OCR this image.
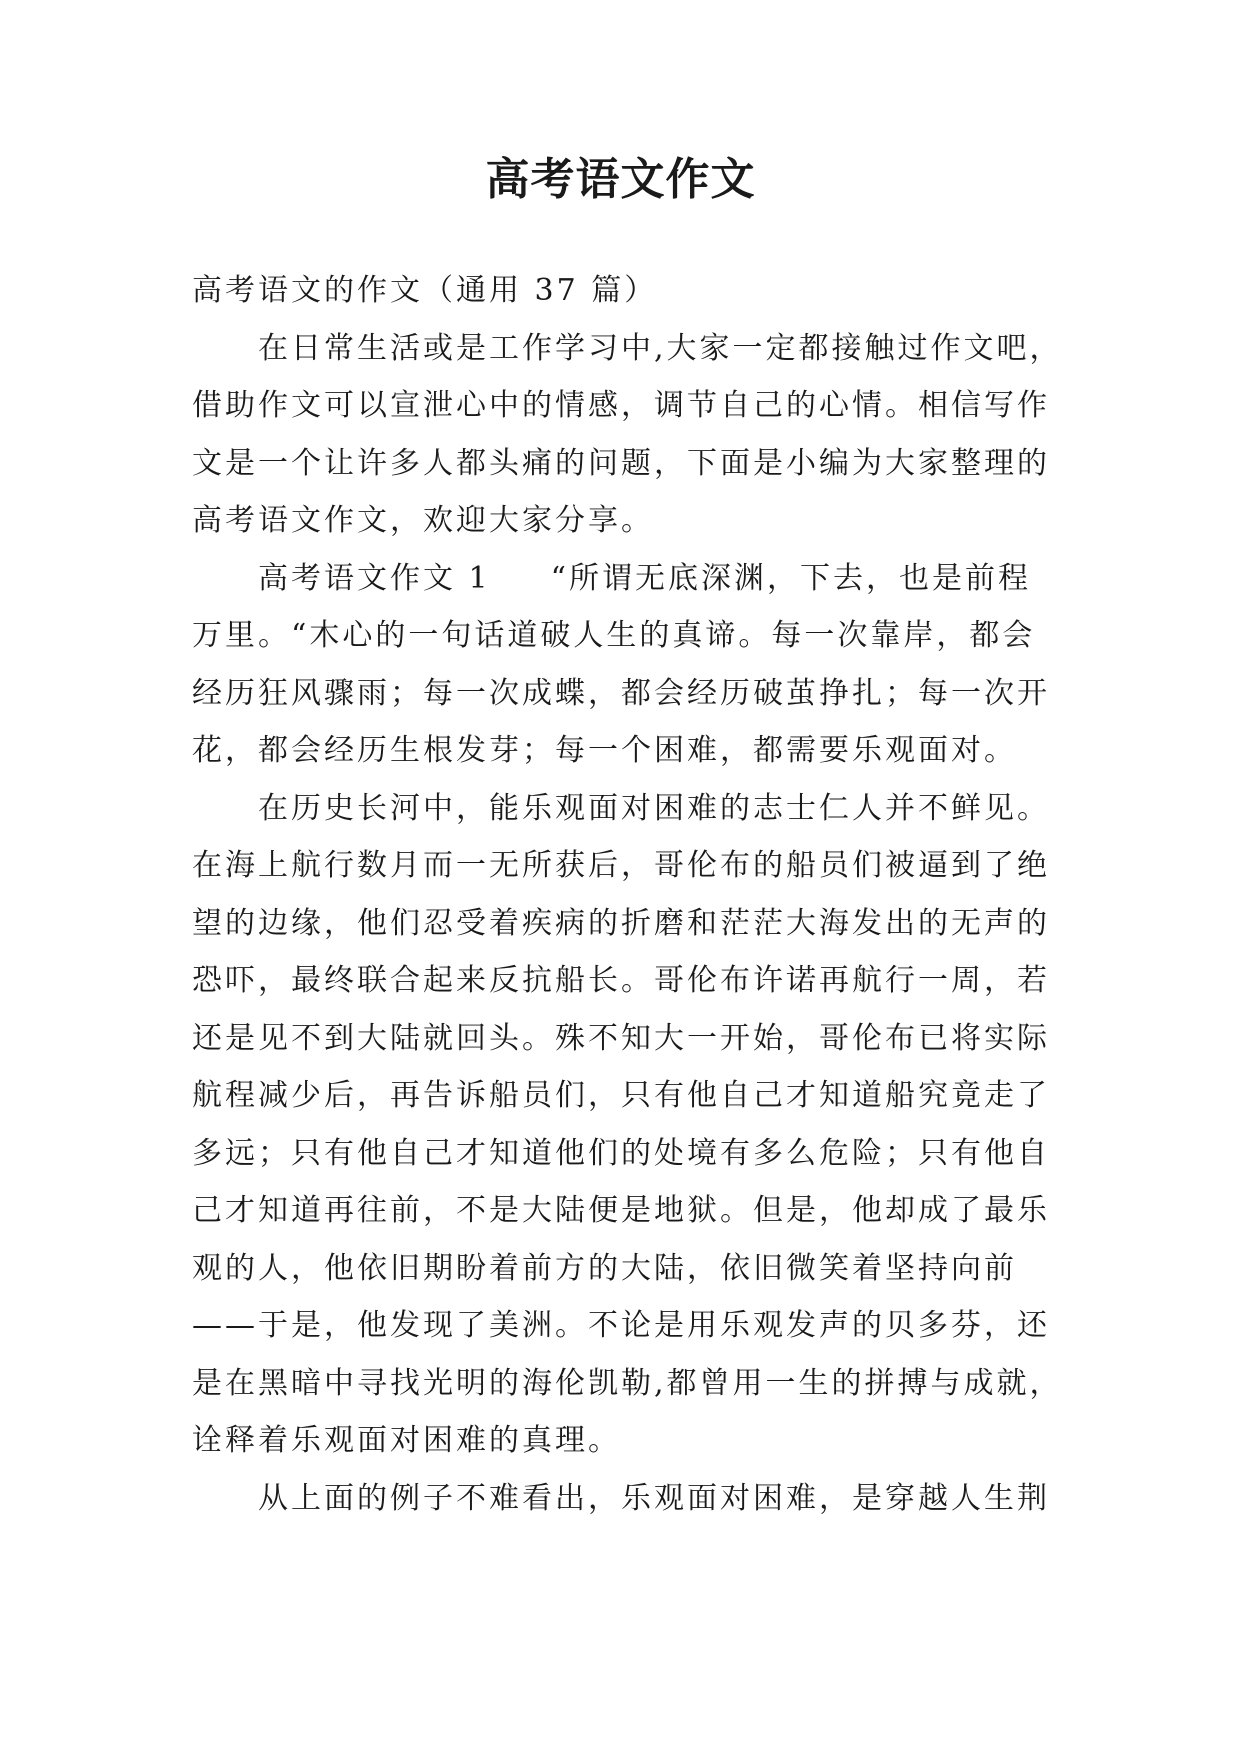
高考语文作文
高考语文的作文（通用 37 篇）
在日常生活或是工作学习中,大家一定都接触过作文吧，
借助作文可以宣泄心中的情感，调节自己的心情。相信写作
文是一个让许多人都头痛的问题，下面是小编为大家整理的
高考语文作文，欢迎大家分享。
高考语文作文 1 “所谓无底深渊，下去，也是前程
万里。“木心的一句话道破人生的真谛。每一次靠岸，都会
经历狂风骤雨；每一次成蝶，都会经历破茧挣扎；每一次开
花，都会经历生根发芽；每一个困难，都需要乐观面对。
在历史长河中，能乐观面对困难的志士仁人并不鲜见。
在海上航行数月而一无所获后，哥伦布的船员们被逼到了绝
望的边缘，他们忍受着疾病的折磨和茫茫大海发出的无声的
恐吓，最终联合起来反抗船长。哥伦布许诺再航行一周，若
还是见不到大陆就回头。殊不知大一开始，哥伦布已将实际
航程减少后，再告诉船员们，只有他自己才知道船究竟走了
多远；只有他自己才知道他们的处境有多么危险；只有他自
己才知道再往前，不是大陆便是地狱。但是，他却成了最乐
观的人，他依旧期盼着前方的大陆，依旧微笑着坚持向前
——于是，他发现了美洲。不论是用乐观发声的贝多芬，还
是在黑暗中寻找光明的海伦凯勒,都曾用一生的拼搏与成就，
诠释着乐观面对困难的真理。
从上面的例子不难看出，乐观面对困难，是穿越人生荆
